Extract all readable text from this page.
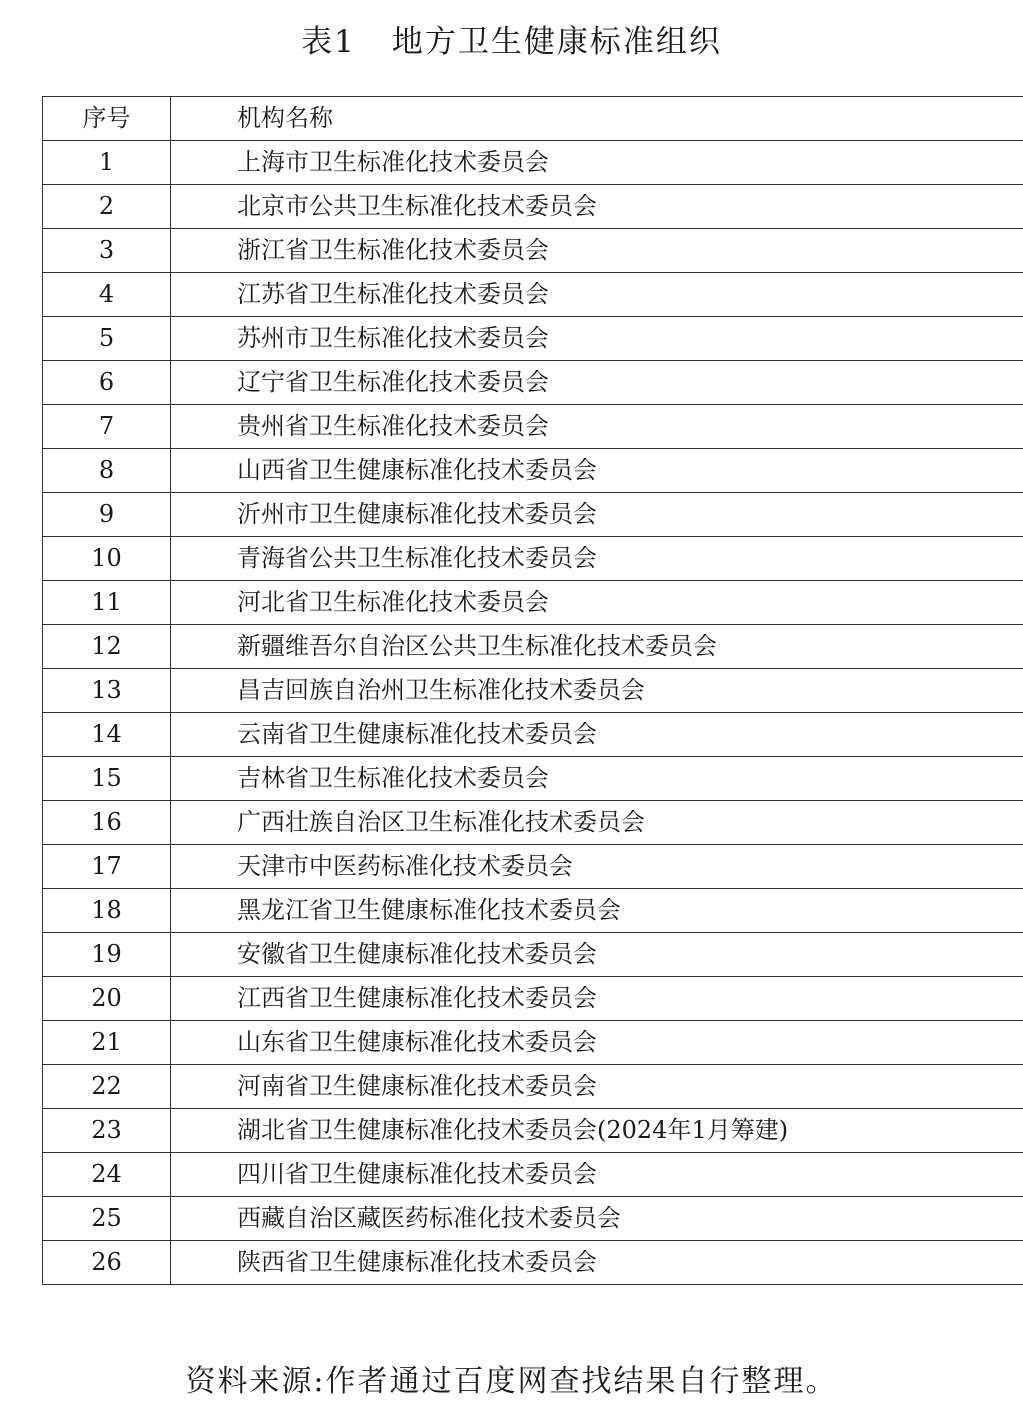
表1 地方卫生健康标准组织
序号	机构名称
1	上海市卫生标准化技术委员会
2	北京市公共卫生标准化技术委员会
3	浙江省卫生标准化技术委员会
4	江苏省卫生标准化技术委员会
5	苏州市卫生标准化技术委员会
6	辽宁省卫生标准化技术委员会
7	贵州省卫生标准化技术委员会
8	山西省卫生健康标准化技术委员会
9	沂州市卫生健康标准化技术委员会
10	青海省公共卫生标准化技术委员会
11	河北省卫生标准化技术委员会
12	新疆维吾尔自治区公共卫生标准化技术委员会
13	昌吉回族自治州卫生标准化技术委员会
14	云南省卫生健康标准化技术委员会
15	吉林省卫生标准化技术委员会
16	广西壮族自治区卫生标准化技术委员会
17	天津市中医药标准化技术委员会
18	黑龙江省卫生健康标准化技术委员会
19	安徽省卫生健康标准化技术委员会
20	江西省卫生健康标准化技术委员会
21	山东省卫生健康标准化技术委员会
22	河南省卫生健康标准化技术委员会
23	湖北省卫生健康标准化技术委员会(2024年1月筹建)
24	四川省卫生健康标准化技术委员会
25	西藏自治区藏医药标准化技术委员会
26	陕西省卫生健康标准化技术委员会
资料来源:作者通过百度网查找结果自行整理。
